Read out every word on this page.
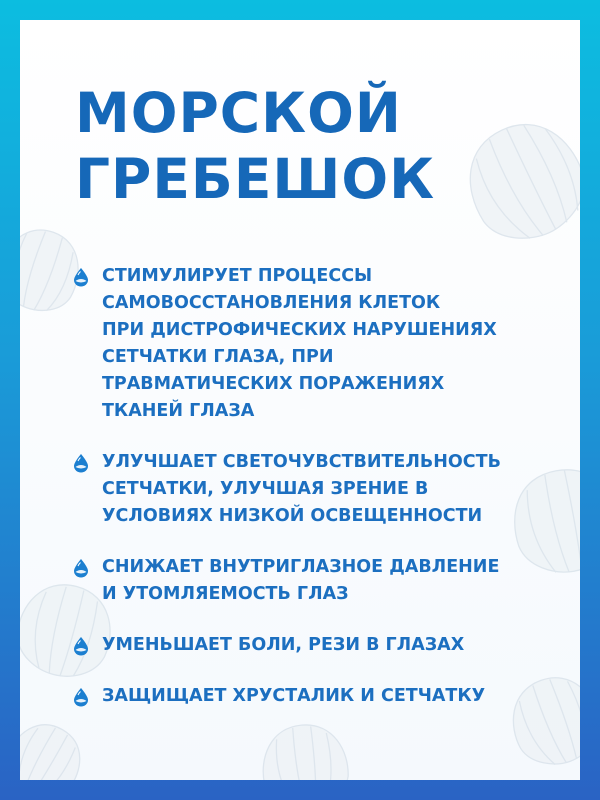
МОРСКОЙ
ГРЕБЕШОК
СТИМУЛИРУЕТ ПРОЦЕССЫ
САМОВОССТАНОВЛЕНИЯ КЛЕТОК
ПРИ ДИСТРОФИЧЕСКИХ НАРУШЕНИЯХ
СЕТЧАТКИ ГЛАЗА, ПРИ
ТРАВМАТИЧЕСКИХ ПОРАЖЕНИЯХ
ТКАНЕЙ ГЛАЗА
УЛУЧШАЕТ СВЕТОЧУВСТВИТЕЛЬНОСТЬ
СЕТЧАТКИ, УЛУЧШАЯ ЗРЕНИЕ В
УСЛОВИЯХ НИЗКОЙ ОСВЕЩЕННОСТИ
СНИЖАЕТ ВНУТРИГЛАЗНОЕ ДАВЛЕНИЕ
И УТОМЛЯЕМОСТЬ ГЛАЗ
УМЕНЬШАЕТ БОЛИ, РЕЗИ В ГЛАЗАХ
ЗАЩИЩАЕТ ХРУСТАЛИК И СЕТЧАТКУ
